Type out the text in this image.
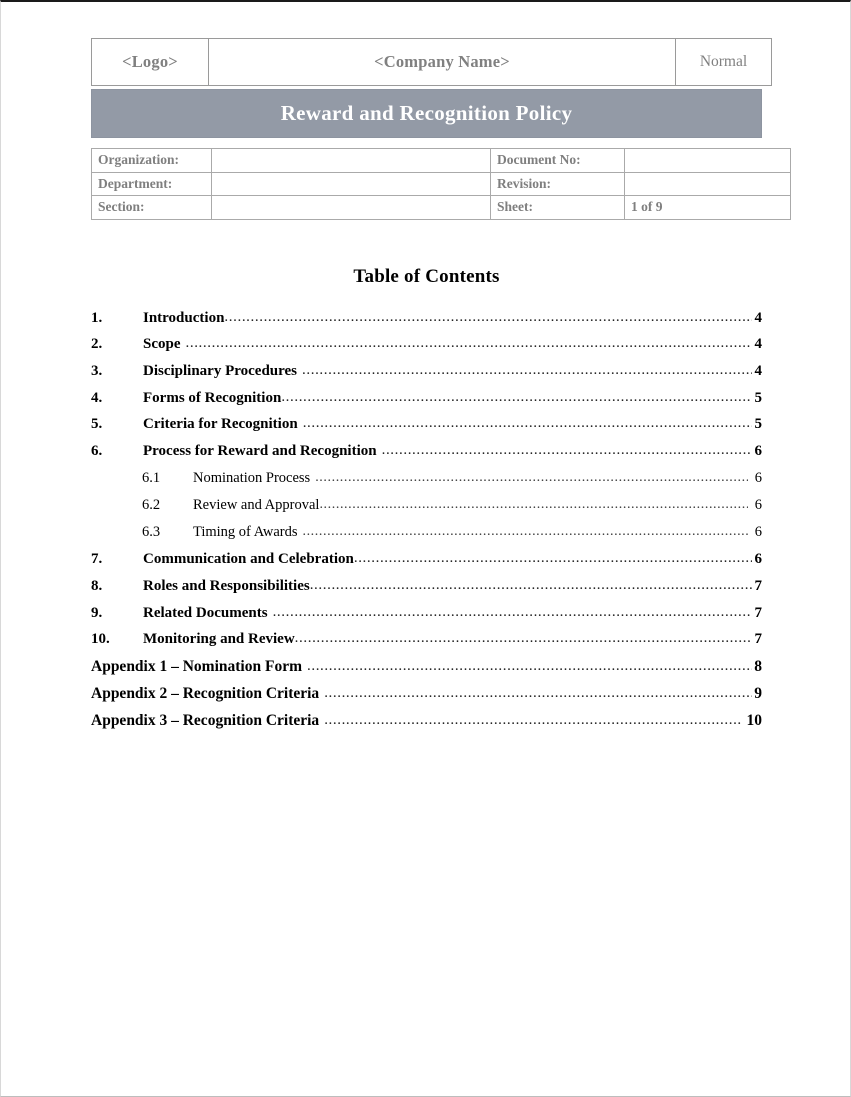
<Logo>	<Company Name>	Normal
Reward and Recognition Policy
Organization:		Document No:	
Department:		Revision:	
Section:		Sheet:	1 of 9
Table of Contents
1.	Introduction .....	4
2.	Scope .....	4
3.	Disciplinary Procedures .....	4
4.	Forms of Recognition .....	5
5.	Criteria for Recognition .....	5
6.	Process for Reward and Recognition .....	6
6.1	Nomination Process .....	6
6.2	Review and Approval .....	6
6.3	Timing of Awards .....	6
7.	Communication and Celebration .....	6
8.	Roles and Responsibilities .....	7
9.	Related Documents .....	7
10.	Monitoring and Review .....	7
Appendix 1 – Nomination Form .....	8
Appendix 2 – Recognition Criteria .....	9
Appendix 3 – Recognition Criteria .....	10
